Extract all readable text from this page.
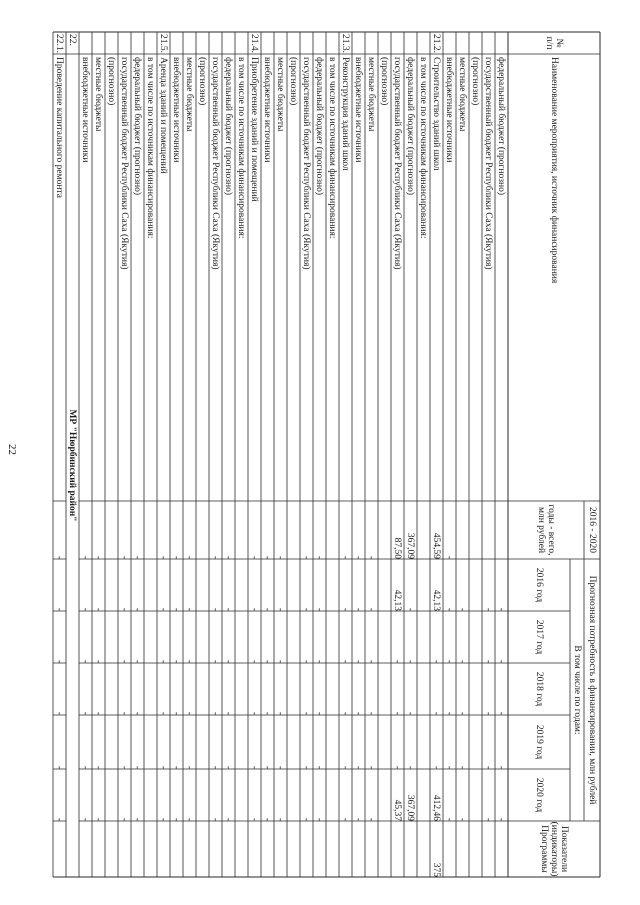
22
№
п/п
Наименование мероприятия, источник финансирования
2016 - 2020
годы - всего,
млн рублей
Прогнозная потребность в финансировании, млн рублей
В том числе по годам:
2016 год
2017 год
2018 год
2019 год
2020 год
Показатели
(индикаторы)
Программы
федеральный бюджет (прогнозно)
-
-
-
-
-
государственный бюджет Республики Саха (Якутия)
-
-
-
-
-
(прогнозно)
местные бюджеты
-
-
-
-
-
внебюджетные источники
-
-
-
-
-
-
21.2.
Строительство зданий школ
454,59
42,13
-
-
-
412,46
375
в том числе по источникам финансирования:
федеральный бюджет (прогнозно)
367,09
-
-
-
-
367,09
государственный бюджет Республики Саха (Якутия)
87,50
42,13
-
-
-
45,37
(прогнозно)
местные бюджеты
-
-
-
-
-
-
внебюджетные источники
-
-
-
-
-
-
21.3.
Реконструкция зданий школ
-
-
-
-
-
-
в том числе по источникам финансирования:
федеральный бюджет (прогнозно)
-
-
-
-
-
-
государственный бюджет Республики Саха (Якутия)
-
-
-
-
-
-
(прогнозно)
местные бюджеты
-
-
-
-
-
-
внебюджетные источники
-
-
-
-
-
-
21.4.
Приобретение зданий и помещений
-
-
-
-
-
-
в том числе по источникам финансирования:
федеральный бюджет (прогнозно)
-
-
-
-
-
-
государственный бюджет Республики Саха (Якутия)
-
-
-
-
-
-
(прогнозно)
местные бюджеты
-
-
-
-
-
-
внебюджетные источники
-
-
-
-
-
-
21.5.
Аренда зданий и помещений
-
-
-
-
-
-
в том числе по источникам финансирования:
федеральный бюджет (прогнозно)
-
-
-
-
-
-
государственный бюджет Республики Саха (Якутия)
-
-
-
-
-
-
(прогнозно)
местные бюджеты
-
-
-
-
-
-
внебюджетные источники
-
-
-
-
-
-
22.
МР "Нюрбинский район"
22.1.
Проведение капитального ремонта
-
-
-
-
-
-
